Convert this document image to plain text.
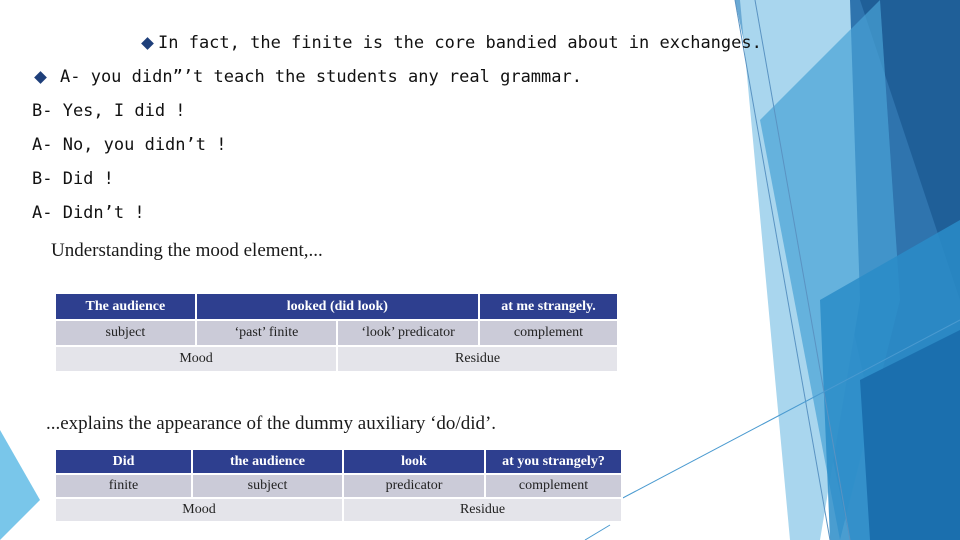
In fact, the finite is the core bandied about in exchanges.
A- you didn”’t teach the students any real grammar.
B- Yes, I did !
A- No, you didn’t !
B- Did !
A- Didn’t !
Understanding the mood element,...
The audience	looked (did look)		at me strangely.
subject	‘past’ finite	‘look’ predicator	complement
Mood		Residue	
...explains the appearance of the dummy auxiliary ‘do/did’.
Did	the audience	look	at you strangely?
finite	subject	predicator	complement
Mood		Residue	
